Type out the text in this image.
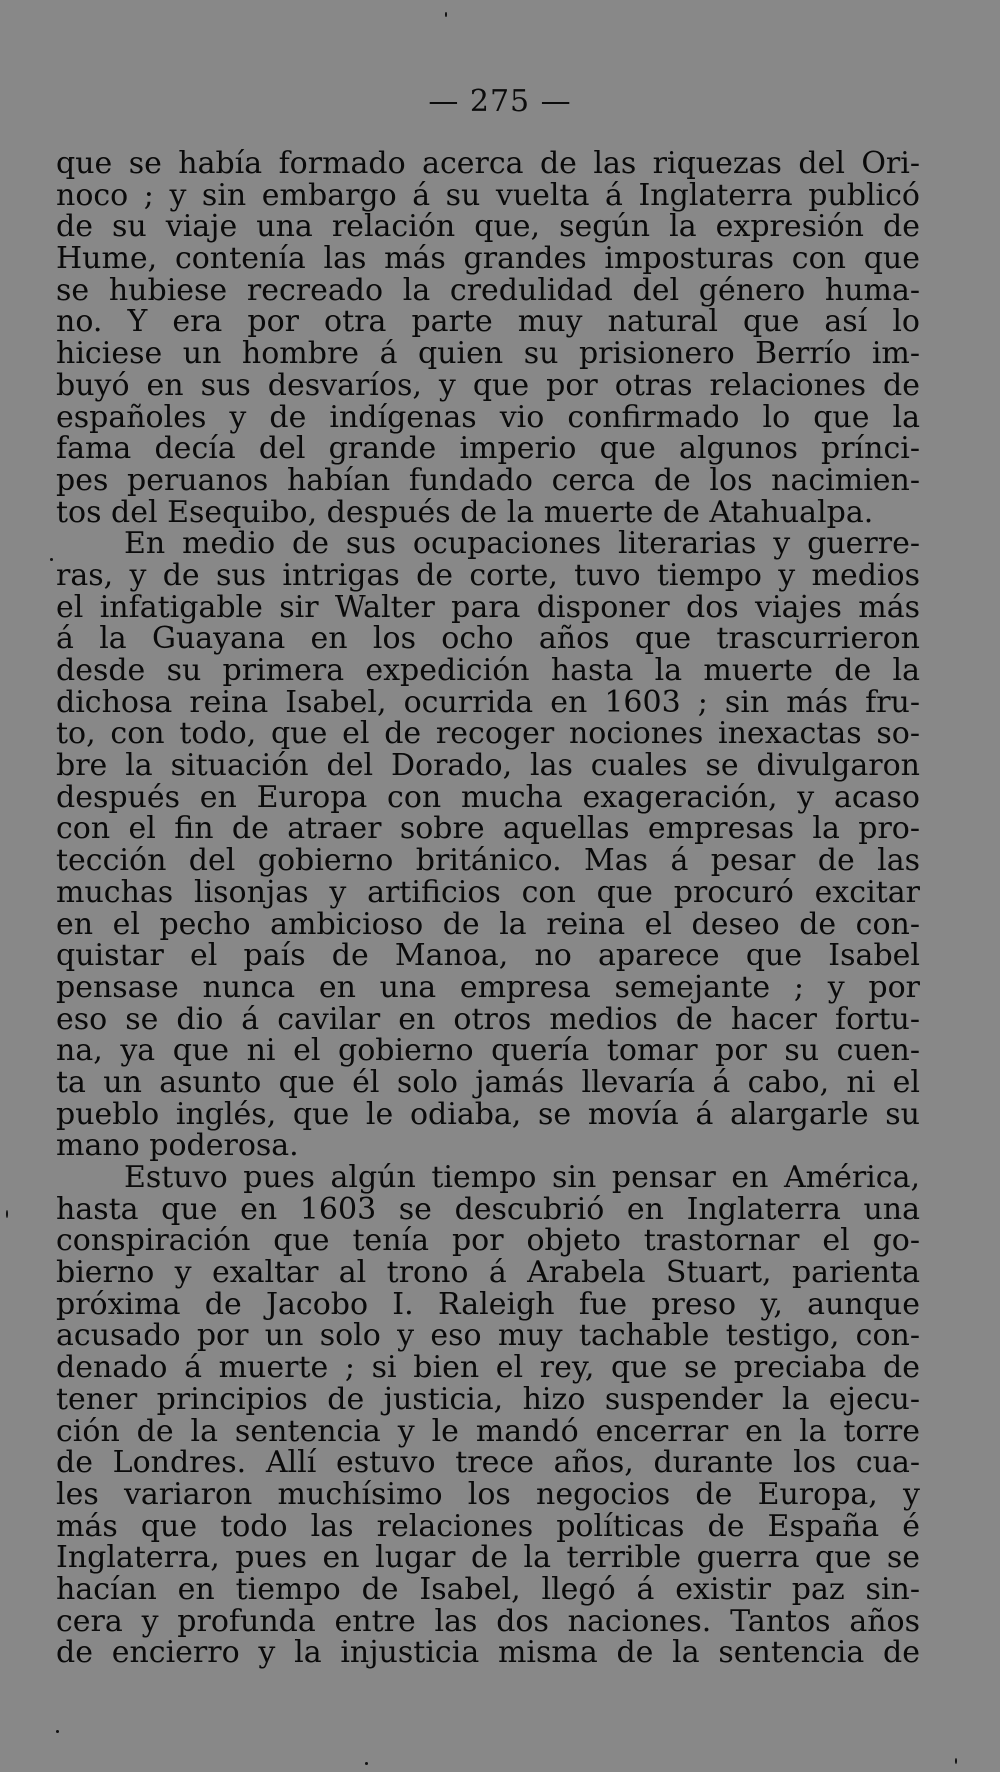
— 275 —
que se había formado acerca de las riquezas del Ori-
noco ; y sin embargo á su vuelta á Inglaterra publicó
de su viaje una relación que, según la expresión de
Hume, contenía las más grandes imposturas con que
se hubiese recreado la credulidad del género huma-
no. Y era por otra parte muy natural que así lo
hiciese un hombre á quien su prisionero Berrío im-
buyó en sus desvaríos, y que por otras relaciones de
españoles y de indígenas vio confirmado lo que la
fama decía del grande imperio que algunos prínci-
pes peruanos habían fundado cerca de los nacimien-
tos del Esequibo, después de la muerte de Atahualpa.
En medio de sus ocupaciones literarias y guerre-
ras, y de sus intrigas de corte, tuvo tiempo y medios
el infatigable sir Walter para disponer dos viajes más
á la Guayana en los ocho años que trascurrieron
desde su primera expedición hasta la muerte de la
dichosa reina Isabel, ocurrida en 1603 ; sin más fru-
to, con todo, que el de recoger nociones inexactas so-
bre la situación del Dorado, las cuales se divulgaron
después en Europa con mucha exageración, y acaso
con el fin de atraer sobre aquellas empresas la pro-
tección del gobierno británico. Mas á pesar de las
muchas lisonjas y artificios con que procuró excitar
en el pecho ambicioso de la reina el deseo de con-
quistar el país de Manoa, no aparece que Isabel
pensase nunca en una empresa semejante ; y por
eso se dio á cavilar en otros medios de hacer fortu-
na, ya que ni el gobierno quería tomar por su cuen-
ta un asunto que él solo jamás llevaría á cabo, ni el
pueblo inglés, que le odiaba, se movía á alargarle su
mano poderosa.
Estuvo pues algún tiempo sin pensar en América,
hasta que en 1603 se descubrió en Inglaterra una
conspiración que tenía por objeto trastornar el go-
bierno y exaltar al trono á Arabela Stuart, parienta
próxima de Jacobo I. Raleigh fue preso y, aunque
acusado por un solo y eso muy tachable testigo, con-
denado á muerte ; si bien el rey, que se preciaba de
tener principios de justicia, hizo suspender la ejecu-
ción de la sentencia y le mandó encerrar en la torre
de Londres. Allí estuvo trece años, durante los cua-
les variaron muchísimo los negocios de Europa, y
más que todo las relaciones políticas de España é
Inglaterra, pues en lugar de la terrible guerra que se
hacían en tiempo de Isabel, llegó á existir paz sin-
cera y profunda entre las dos naciones. Tantos años
de encierro y la injusticia misma de la sentencia de
